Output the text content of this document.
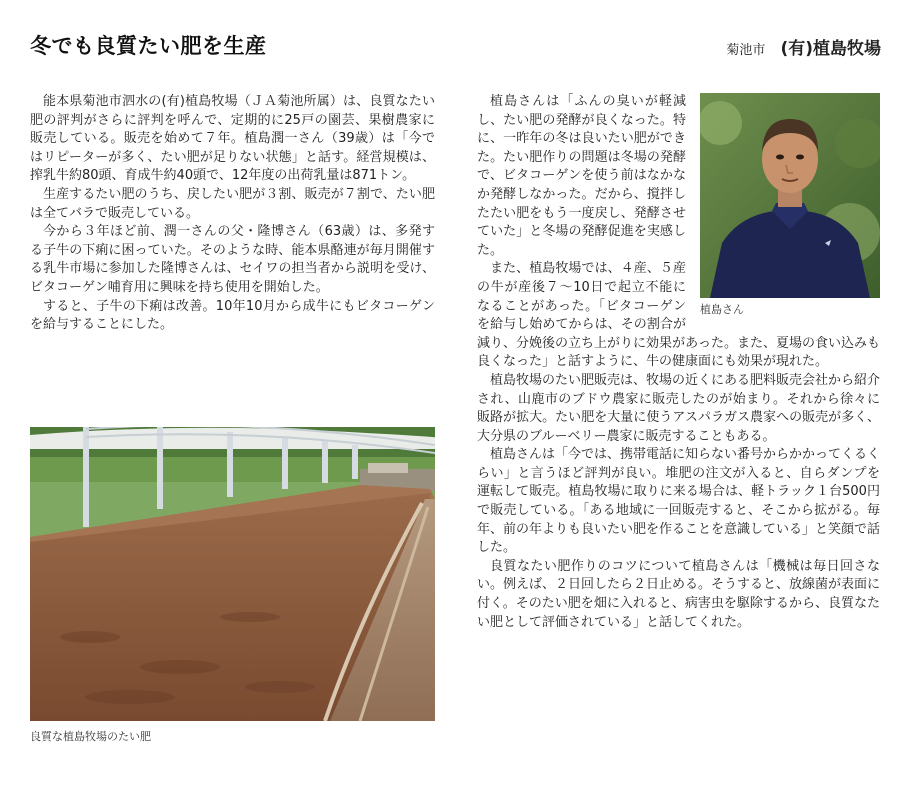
冬でも良質たい肥を生産	菊池市 (有)植島牧場

能本県菊池市泗水の(有)植島牧場（ＪＡ菊池所属）は、良質なたい肥の評判がさらに評判を呼んで、定期的に25戸の園芸、果樹農家に販売している。販売を始めて７年。植島潤一さん（39歳）は「今ではリピーターが多く、たい肥が足りない状態」と話す。経営規模は、搾乳牛約80頭、育成牛約40頭で、12年度の出荷乳量は871トン。

生産するたい肥のうち、戻したい肥が３割、販売が７割で、たい肥は全てバラで販売している。

今から３年ほど前、潤一さんの父・隆博さん（63歳）は、多発する子牛の下痢に困っていた。そのような時、能本県酪連が毎月開催する乳牛市場に参加した隆博さんは、セイワの担当者から説明を受け、ビタコーゲン哺育用に興味を持ち使用を開始した。

すると、子牛の下痢は改善。10年10月から成牛にもビタコーゲンを給与することにした。

良質な植島牧場のたい肥
植島さん

植島さんは「ふんの臭いが軽減し、たい肥の発酵が良くなった。特に、一昨年の冬は良いたい肥ができた。たい肥作りの問題は冬場の発酵で、ビタコーゲンを使う前はなかなか発酵しなかった。だから、撹拌したたい肥をもう一度戻し、発酵させていた」と冬場の発酵促進を実感した。

また、植島牧場では、４産、５産の牛が産後７～10日で起立不能になることがあった。「ビタコーゲンを給与し始めてからは、その割合が減り、分娩後の立ち上がりに効果があった。また、夏場の食い込みも良くなった」と話すように、牛の健康面にも効果が現れた。

植島牧場のたい肥販売は、牧場の近くにある肥料販売会社から紹介され、山鹿市のブドウ農家に販売したのが始まり。それから徐々に販路が拡大。たい肥を大量に使うアスパラガス農家への販売が多く、大分県のブルーベリー農家に販売することもある。

植島さんは「今では、携帯電話に知らない番号からかかってくるくらい」と言うほど評判が良い。堆肥の注文が入ると、自らダンプを運転して販売。植島牧場に取りに来る場合は、軽トラック１台500円で販売している。「ある地域に一回販売すると、そこから拡がる。毎年、前の年よりも良いたい肥を作ることを意識している」と笑顔で話した。

良質なたい肥作りのコツについて植島さんは「機械は毎日回さない。例えば、２日回したら２日止める。そうすると、放線菌が表面に付く。そのたい肥を畑に入れると、病害虫を駆除するから、良質なたい肥として評価されている」と話してくれた。
